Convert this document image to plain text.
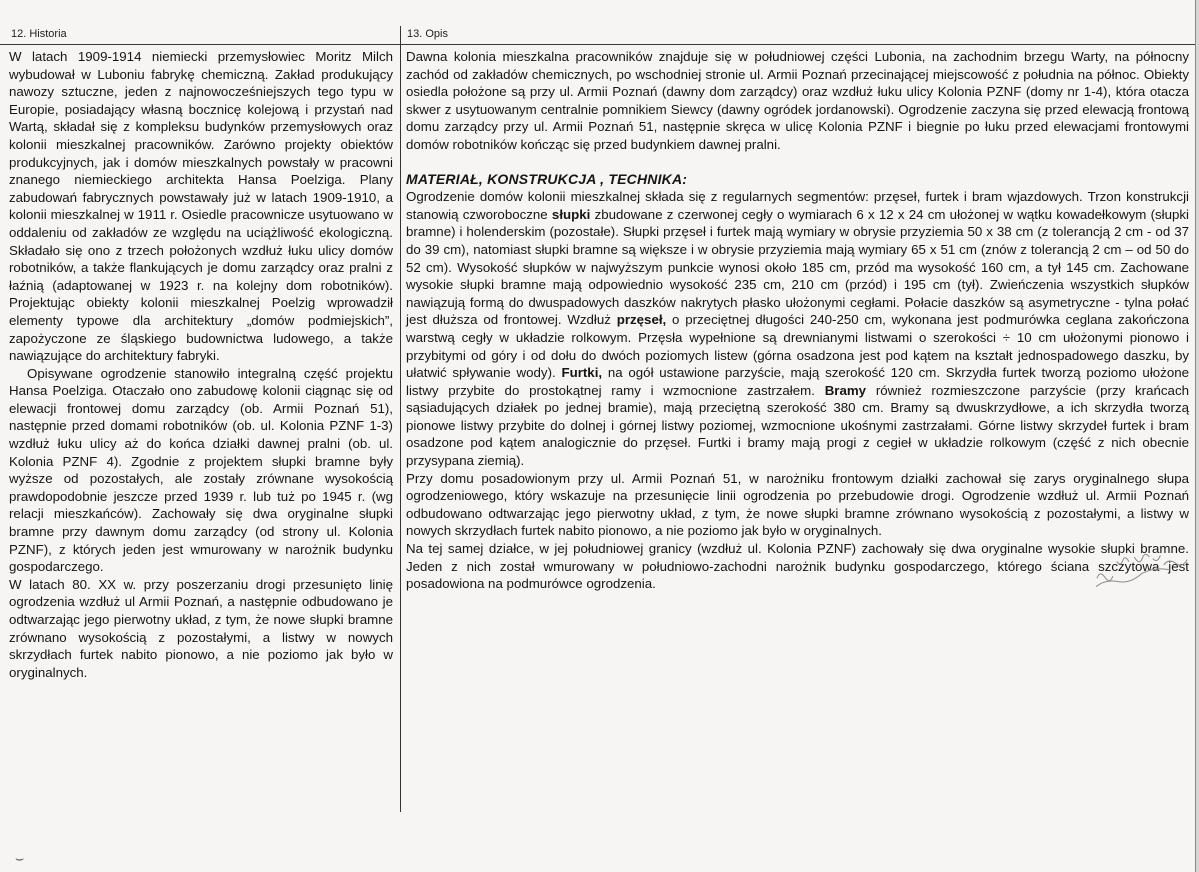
12. Historia	13. Opis

W latach 1909-1914 niemiecki przemysłowiec Moritz Milch wybudował w Luboniu fabrykę chemiczną. Zakład produkujący nawozy sztuczne, jeden z najnowocześniejszych tego typu w Europie, posiadający własną bocznicę kolejową i przystań nad Wartą, składał się z kompleksu budynków przemysłowych oraz kolonii mieszkalnej pracowników. Zarówno projekty obiektów produkcyjnych, jak i domów mieszkalnych powstały w pracowni znanego niemieckiego architekta Hansa Poelziga. Plany zabudowań fabrycznych powstawały już w latach 1909-1910, a kolonii mieszkalnej w 1911 r. Osiedle pracownicze usytuowano w oddaleniu od zakładów ze względu na uciążliwość ekologiczną. Składało się ono z trzech położonych wzdłuż łuku ulicy domów robotników, a także flankujących je domu zarządcy oraz pralni z łaźnią (adaptowanej w 1923 r. na kolejny dom robotników). Projektując obiekty kolonii mieszkalnej Poelzig wprowadził elementy typowe dla architektury „domów podmiejskich”, zapożyczone ze śląskiego budownictwa ludowego, a także nawiązujące do architektury fabryki.

Opisywane ogrodzenie stanowiło integralną część projektu Hansa Poelziga. Otaczało ono zabudowę kolonii ciągnąc się od elewacji frontowej domu zarządcy (ob. Armii Poznań 51), następnie przed domami robotników (ob. ul. Kolonia PZNF 1-3) wzdłuż łuku ulicy aż do końca działki dawnej pralni (ob. ul. Kolonia PZNF 4). Zgodnie z projektem słupki bramne były wyższe od pozostałych, ale zostały zrównane wysokością prawdopodobnie jeszcze przed 1939 r. lub tuż po 1945 r. (wg relacji mieszkańców). Zachowały się dwa oryginalne słupki bramne przy dawnym domu zarządcy (od strony ul. Kolonia PZNF), z których jeden jest wmurowany w narożnik budynku gospodarczego.

W latach 80. XX w. przy poszerzaniu drogi przesunięto linię ogrodzenia wzdłuż ul Armii Poznań, a następnie odbudowano je odtwarzając jego pierwotny układ, z tym, że nowe słupki bramne zrównano wysokością z pozostałymi, a listwy w nowych skrzydłach furtek nabito pionowo, a nie poziomo jak było w oryginalnych.

Dawna kolonia mieszkalna pracowników znajduje się w południowej części Lubonia, na zachodnim brzegu Warty, na północny zachód od zakładów chemicznych, po wschodniej stronie ul. Armii Poznań przecinającej miejscowość z południa na północ. Obiekty osiedla położone są przy ul. Armii Poznań (dawny dom zarządcy) oraz wzdłuż łuku ulicy Kolonia PZNF (domy nr 1-4), która otacza skwer z usytuowanym centralnie pomnikiem Siewcy (dawny ogródek jordanowski). Ogrodzenie zaczyna się przed elewacją frontową domu zarządcy przy ul. Armii Poznań 51, następnie skręca w ulicę Kolonia PZNF i biegnie po łuku przed elewacjami frontowymi domów robotników kończąc się przed budynkiem dawnej pralni.

MATERIAŁ, KONSTRUKCJA , TECHNIKA:

Ogrodzenie domów kolonii mieszkalnej składa się z regularnych segmentów: przęseł, furtek i bram wjazdowych. Trzon konstrukcji stanowią czworoboczne słupki zbudowane z czerwonej cegły o wymiarach 6 x 12 x 24 cm ułożonej w wątku kowadełkowym (słupki bramne) i holenderskim (pozostałe). Słupki przęseł i furtek mają wymiary w obrysie przyziemia 50 x 38 cm (z tolerancją 2 cm - od 37 do 39 cm), natomiast słupki bramne są większe i w obrysie przyziemia mają wymiary 65 x 51 cm (znów z tolerancją 2 cm – od 50 do 52 cm). Wysokość słupków w najwyższym punkcie wynosi około 185 cm, przód ma wysokość 160 cm, a tył 145 cm. Zachowane wysokie słupki bramne mają odpowiednio wysokość 235 cm, 210 cm (przód) i 195 cm (tył). Zwieńczenia wszystkich słupków nawiązują formą do dwuspadowych daszków nakrytych płasko ułożonymi cegłami. Połacie daszków są asymetryczne - tylna połać jest dłuższa od frontowej. Wzdłuż przęseł, o przeciętnej długości 240-250 cm, wykonana jest podmurówka ceglana zakończona warstwą cegły w układzie rolkowym. Przęsła wypełnione są drewnianymi listwami o szerokości ÷ 10 cm ułożonymi pionowo i przybitymi od góry i od dołu do dwóch poziomych listew (górna osadzona jest pod kątem na kształt jednospadowego daszku, by ułatwić spływanie wody). Furtki, na ogół ustawione parzyście, mają szerokość 120 cm. Skrzydła furtek tworzą poziomo ułożone listwy przybite do prostokątnej ramy i wzmocnione zastrzałem. Bramy również rozmieszczone parzyście (przy krańcach sąsiadujących działek po jednej bramie), mają przeciętną szerokość 380 cm. Bramy są dwuskrzydłowe, a ich skrzydła tworzą pionowe listwy przybite do dolnej i górnej listwy poziomej, wzmocnione ukośnymi zastrzałami. Górne listwy skrzydeł furtek i bram osadzone pod kątem analogicznie do przęseł. Furtki i bramy mają progi z cegieł w układzie rolkowym (część z nich obecnie przysypana ziemią).

Przy domu posadowionym przy ul. Armii Poznań 51, w narożniku frontowym działki zachował się zarys oryginalnego słupa ogrodzeniowego, który wskazuje na przesunięcie linii ogrodzenia po przebudowie drogi. Ogrodzenie wzdłuż ul. Armii Poznań odbudowano odtwarzając jego pierwotny układ, z tym, że nowe słupki bramne zrównano wysokością z pozostałymi, a listwy w nowych skrzydłach furtek nabito pionowo, a nie poziomo jak było w oryginalnych.

Na tej samej działce, w jej południowej granicy (wzdłuż ul. Kolonia PZNF) zachowały się dwa oryginalne wysokie słupki bramne. Jeden z nich został wmurowany w południowo-zachodni narożnik budynku gospodarczego, którego ściana szczytowa jest posadowiona na podmurówce ogrodzenia.

⌣
